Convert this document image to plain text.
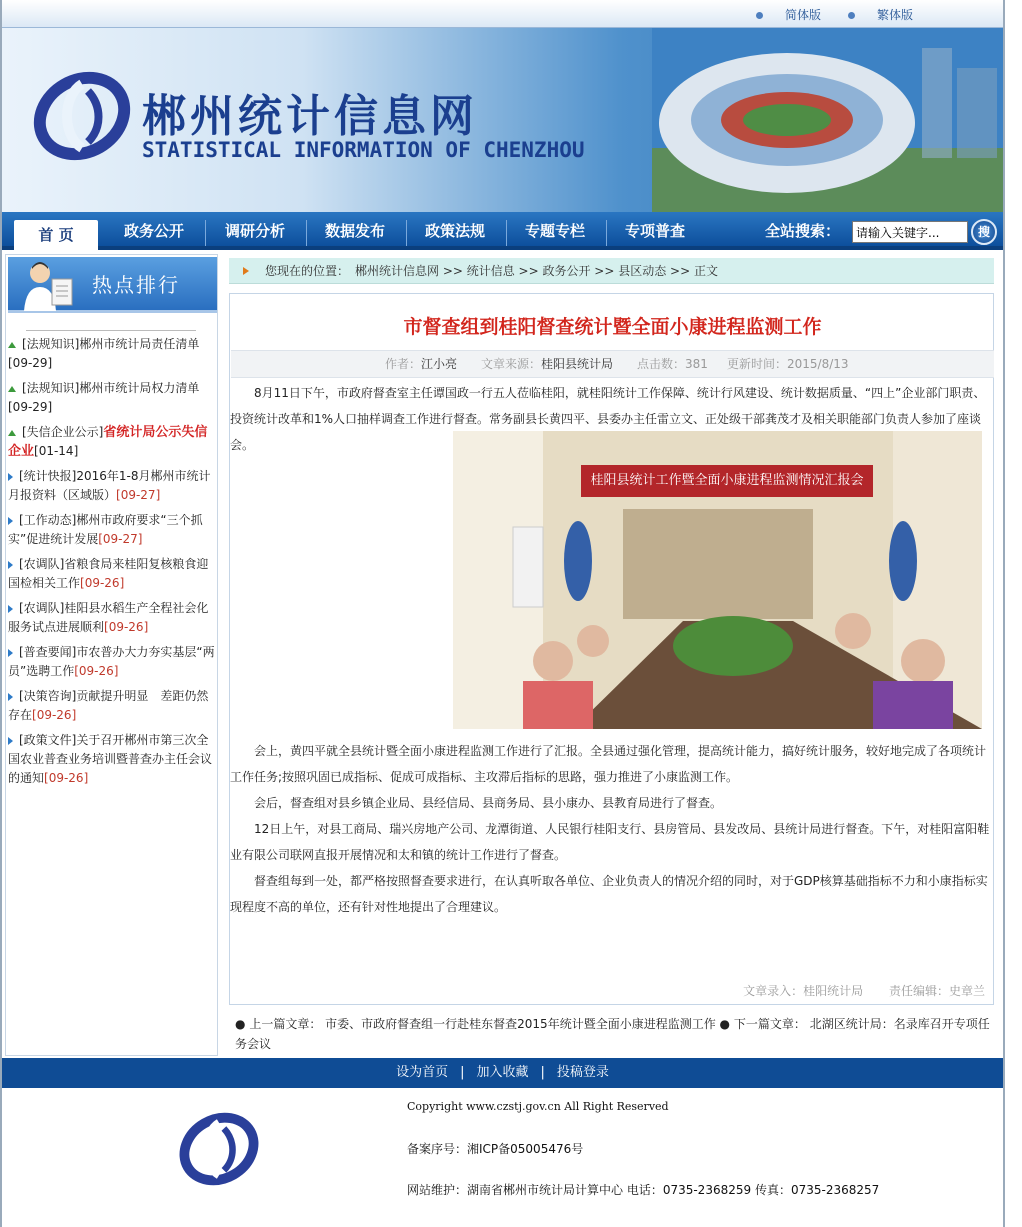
简体版	繁体版
郴州统计信息网
STATISTICAL INFORMATION OF CHENZHOU
首 页	政务公开	调研分析	数据发布	政策法规	专题专栏	专项普查	全站搜索：
请输入关键字...	搜
热点排行
[法规知识]郴州市统计局责任清单[09-29]
[法规知识]郴州市统计局权力清单[09-29]
[失信企业公示]省统计局公示失信企业[01-14]
[统计快报]2016年1-8月郴州市统计月报资料（区域版）[09-27]
[工作动态]郴州市政府要求“三个抓实”促进统计发展[09-27]
[农调队]省粮食局来桂阳复核粮食迎国检相关工作[09-26]
[农调队]桂阳县水稻生产全程社会化服务试点进展顺利[09-26]
[普查要闻]市农普办大力夯实基层“两员”选聘工作[09-26]
[决策咨询]贡献提升明显　差距仍然存在[09-26]
[政策文件]关于召开郴州市第三次全国农业普查业务培训暨普查办主任会议的通知[09-26]
您现在的位置：　郴州统计信息网 >> 统计信息 >> 政务公开 >> 县区动态 >> 正文
市督查组到桂阳督查统计暨全面小康进程监测工作
作者： 江小亮 文章来源： 桂阳县统计局 点击数： 381 更新时间： 2015/8/13
8月11日下午，市政府督查室主任谭国政一行五人莅临桂阳，就桂阳统计工作保障、统计行风建设、统计数据质量、“四上”企业部门职责、投资统计改革和1%人口抽样调查工作进行督查。常务副县长黄四平、县委办主任雷立文、正处级干部龚茂才及相关职能部门负责人参加了座谈会。
桂阳县统计工作暨全面小康进程监测情况汇报会
会上，黄四平就全县统计暨全面小康进程监测工作进行了汇报。全县通过强化管理，提高统计能力，搞好统计服务，较好地完成了各项统计工作任务;按照巩固已成指标、促成可成指标、主攻滞后指标的思路，强力推进了小康监测工作。
会后，督查组对县乡镇企业局、县经信局、县商务局、县小康办、县教育局进行了督查。
12日上午，对县工商局、瑞兴房地产公司、龙潭街道、人民银行桂阳支行、县房管局、县发改局、县统计局进行督查。下午，对桂阳富阳鞋业有限公司联网直报开展情况和太和镇的统计工作进行了督查。
督查组每到一处，都严格按照督查要求进行，在认真听取各单位、企业负责人的情况介绍的同时，对于GDP核算基础指标不力和小康指标实现程度不高的单位，还有针对性地提出了合理建议。
文章录入：桂阳统计局 责任编辑：史章兰
● 上一篇文章： 市委、市政府督查组一行赴桂东督查2015年统计暨全面小康进程监测工作 ● 下一篇文章： 北湖区统计局：名录库召开专项任务会议
设为首页 | 加入收藏 | 投稿登录
Copyright www.czstj.gov.cn All Right Reserved
备案序号：湘ICP备05005476号
网站维护：湖南省郴州市统计局计算中心 电话：0735-2368259 传真：0735-2368257
